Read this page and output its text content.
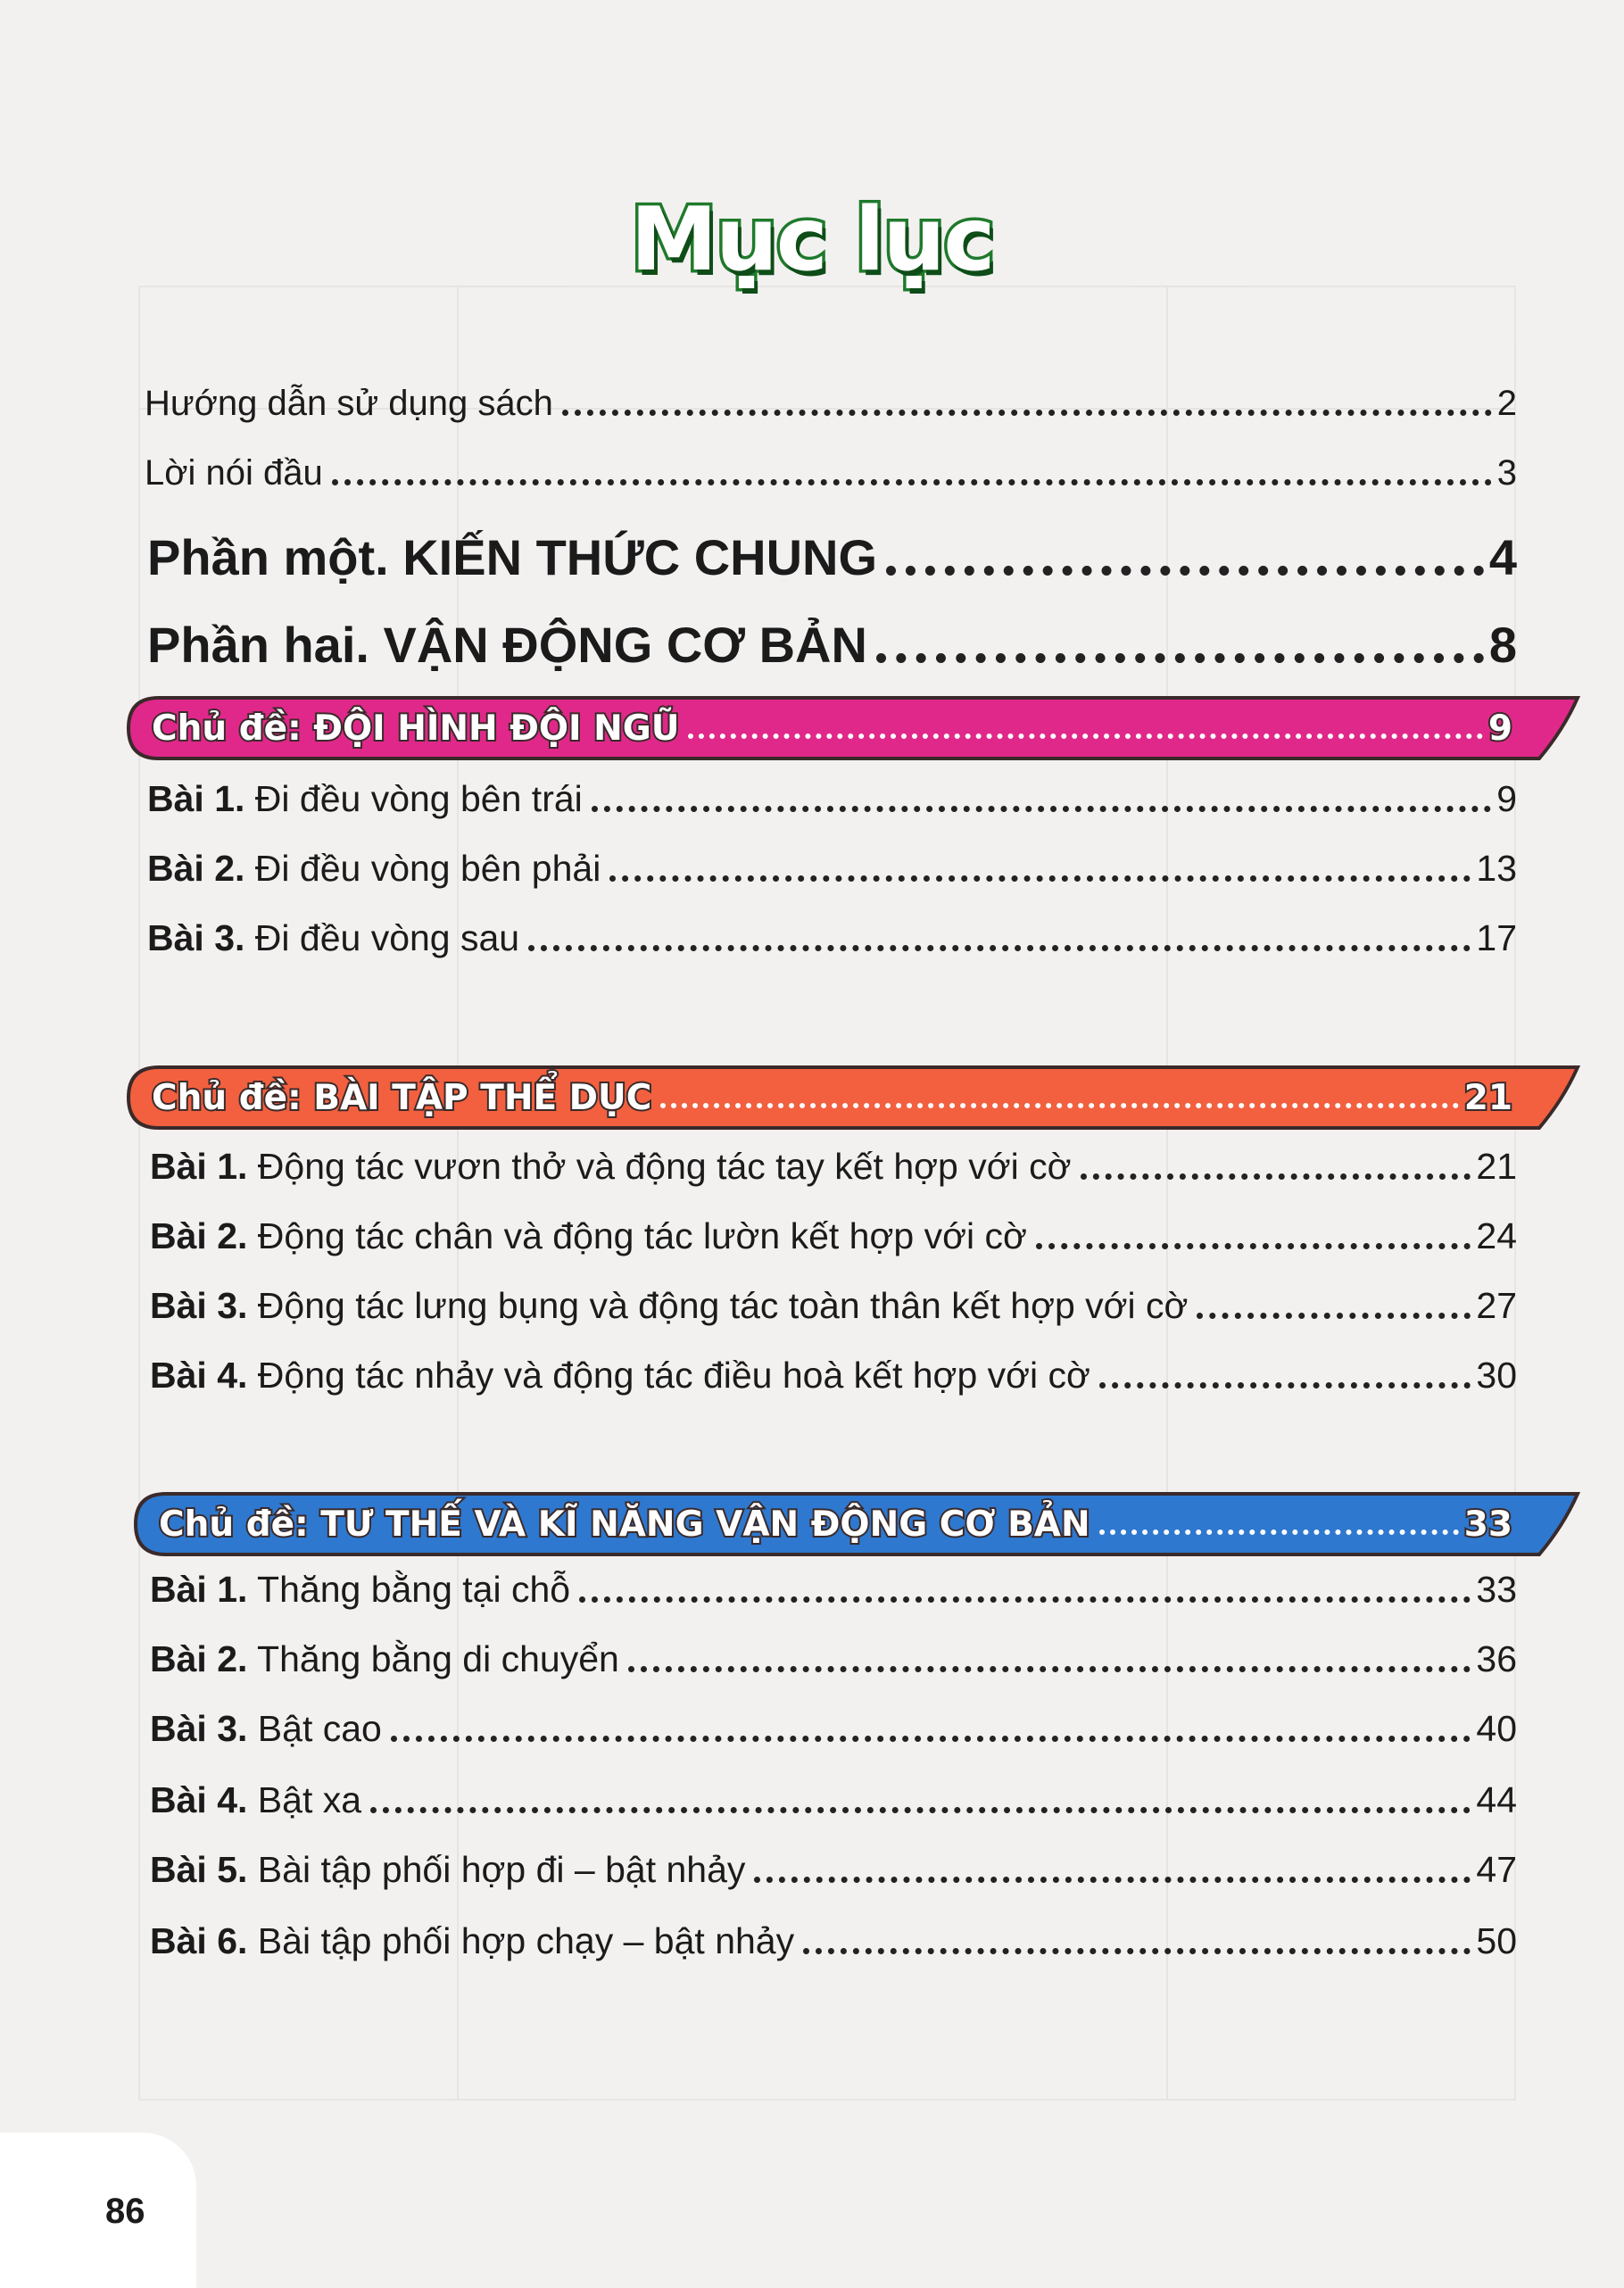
Mục lục
Hướng dẫn sử dụng sách	2
Lời nói đầu	3
Phần một. KIẾN THỨC CHUNG	4
Phần hai. VẬN ĐỘNG CƠ BẢN	8
Chủ đề: ĐỘI HÌNH ĐỘI NGŨ	9
Bài 1. Đi đều vòng bên trái	9
Bài 2. Đi đều vòng bên phải	13
Bài 3. Đi đều vòng sau	17
Chủ đề: BÀI TẬP THỂ DỤC	21
Bài 1. Động tác vươn thở và động tác tay kết hợp với cờ	21
Bài 2. Động tác chân và động tác lườn kết hợp với cờ	24
Bài 3. Động tác lưng bụng và động tác toàn thân kết hợp với cờ	27
Bài 4. Động tác nhảy và động tác điều hoà kết hợp với cờ	30
Chủ đề: TƯ THẾ VÀ KĨ NĂNG VẬN ĐỘNG CƠ BẢN	33
Bài 1. Thăng bằng tại chỗ	33
Bài 2. Thăng bằng di chuyển	36
Bài 3. Bật cao	40
Bài 4. Bật xa	44
Bài 5. Bài tập phối hợp đi – bật nhảy	47
Bài 6. Bài tập phối hợp chạy – bật nhảy	50
86
